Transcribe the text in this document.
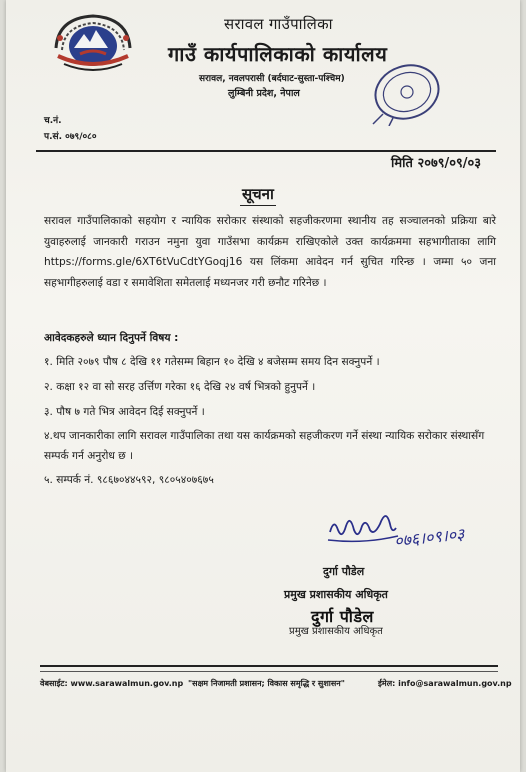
सरावल गाउँपालिका
गाउँ कार्यपालिकाको कार्यालय
सरावल, नवलपरासी (बर्दघाट-सुस्ता-पश्चिम)
लुम्बिनी प्रदेश, नेपाल
च.नं.
प.सं. ०७९/०८०
मिति २०७९/०९/०३
सूचना
सरावल गाउँपालिकाको सहयोग र न्यायिक सरोकार संस्थाको सहजीकरणमा स्थानीय तह सञ्चालनको प्रक्रिया बारे युवाहरुलाई जानकारी गराउन नमुना युवा गाउँसभा कार्यक्रम राखिएकोले उक्त कार्यक्रममा सहभागीताका लागि https://forms.gle/6XT6tVuCdtYGoqj16 यस लिंकमा आवेदन गर्न सुचित गरिन्छ । जम्मा ५० जना सहभागीहरुलाई वडा र समावेशिता समेतलाई मध्यनजर गरी छनौट गरिनेछ ।
आवेदकहरुले ध्यान दिनुपर्ने विषय :
१. मिति २०७९ पौष ८ देखि ११ गतेसम्म बिहान १० देखि ४ बजेसम्म समय दिन सक्नुपर्ने ।
२. कक्षा १२ वा सो सरह उर्त्तिण गरेका १६ देखि २४ वर्ष भित्रको हुनुपर्ने ।
३. पौष ७ गते भित्र आवेदन दिई सक्नुपर्ने ।
४.थप जानकारीका लागि सरावल गाउँपालिका तथा यस कार्यक्रमको सहजीकरण गर्ने संस्था न्यायिक सरोकार संस्थासँग सम्पर्क गर्न अनुरोध छ ।
५. सम्पर्क नं. ९८६७०४४५९२, ९८०५४०७६७५
०७६।०९।०३
दुर्गा पौडेल
प्रमुख प्रशासकीय अधिकृत
दुर्गा पौडेल
प्रमुख प्रशासकीय अधिकृत
वेबसाईट: www.sarawalmun.gov.np "सक्षम निजामती प्रशासन; विकास समृद्धि र सुशासन"	ईमेल: info@sarawalmun.gov.np
